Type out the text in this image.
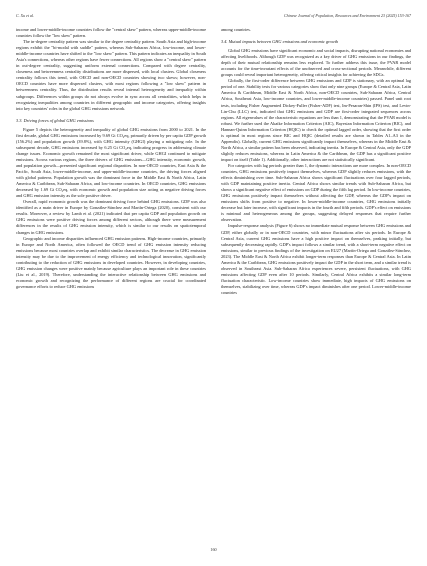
C. Xu et al.	Chinese Journal of Population, Resources and Environment 23 (2025) 153-167

income and lower-middle-income countries follow the "central skew" pattern, whereas upper-middle-income countries follow the "low skew" pattern.

The in-degree centrality pattern was similar to the degree centrality pattern. South Asia and high-income regions exhibit the "bi-modal with saddle" pattern, whereas Sub-Saharan Africa, low-income, and lower-middle-income countries have shifted to the "low skew" pattern. This pattern indicates an inequality in South Asia's connections, whereas other regions have fewer connections. All regions show a "central skew" pattern in out-degree centrality, suggesting uniform external connections. Compared with degree centrality, closeness and betweenness centrality distributions are more dispersed, with local clusters. Global closeness centrality follows this trend, with OECD and non-OECD countries showing two skews; however, non-OECD countries have more dispersed clusters, with most regions following a "low skew" pattern in betweenness centrality. Thus, the distribution results reveal internal heterogeneity and inequality within subgroups. Differences within groups do not always evolve in sync across all centralities, which helps in recognizing inequalities among countries in different geographic and income categories, offering insights into key countries' roles in the global GHG emissions network.

3.3. Driving forces of global GHG emissions

Figure 5 depicts the heterogeneity and inequality of global GHG emissions from 2000 to 2021. In the first decade, global GHG emissions increased by 9.69 Gt CO₂eq, primarily driven by per capita GDP growth (156.2%) and population growth (39.8%), with GHG intensity (GHGI) playing a mitigating role. In the subsequent decade, GHG emissions increased by 6.25 Gt CO₂eq, indicating progress in addressing climate change issues. Economic growth remained the most significant driver, while GHGI continued to mitigate emissions. Across various regions, the three drivers of GHG emissions—GHG intensity, economic growth, and population growth—presented significant regional disparities. In non-OECD countries, East Asia & the Pacific, South Asia, lower-middle-income, and upper-middle-income countries, the driving forces aligned with global patterns. Population growth was the dominant force in the Middle East & North Africa, Latin America & Caribbean, Sub-Saharan Africa, and low-income countries. In OECD countries, GHG emissions decreased by 1.69 Gt CO₂eq, with economic growth and population size acting as negative driving forces and GHG emission intensity as the sole positive driver.

Overall, rapid economic growth was the dominant driving force behind GHG emissions. GDP was also identified as a main driver in Europe by González-Sánchez and Martín-Ortega (2020), consistent with our results. Moreover, a review by Lamb et al. (2021) indicated that per capita GDP and population growth on GHG emissions were positive driving forces among different sectors, although there were measurement differences in the results of GHG emission intensity, which is similar to our results on spatiotemporal changes in GHG emissions.

Geographic and income disparities influenced GHG emission patterns. High-income countries, primarily in Europe and North America, often followed the OECD trend of GHG emission intensity reducing emissions because most countries overlap and exhibit similar characteristics. The decrease in GHG emission intensity may be due to the improvement of energy efficiency and technological innovation, significantly contributing to the reduction of GHG emissions in developed countries. However, in developing countries, GHG emission changes were positive mainly because agriculture plays an important role in these countries (Liu et al., 2019). Therefore, understanding the interactive relationship between GHG emissions and economic growth and recognizing the performance of different regions are crucial for coordinated governance efforts to reduce GHG emissions

among countries.

3.4. Mutual impacts between GHG emissions and economic growth

Global GHG emissions have significant economic and social impacts, disrupting national economies and affecting livelihoods. Although GDP was recognized as a key driver of GHG emissions in our findings, the depth of their mutual relationship remains less explored. To further address this issue, the PVAR model accounts for the time-invariant effects of the unobserved and cross-sectional periods. Meanwhile, different groups could reveal important heterogeneity, offering critical insights for achieving the SDGs.

Globally, the first-order difference between GHG emissions and GDP is stationary, with an optimal lag period of one. Stability tests for various categories show that only nine groups (Europe & Central Asia, Latin America & Caribbean, Middle East & North Africa, non-OECD countries, Sub-Saharan Africa, Central Africa, Southeast Asia, low-income countries, and lower-middle-income countries) passed. Panel unit root tests, including Fisher Augmented Dickey-Fuller (Fisher-ADF) test, Im-Pesaran-Shin (IPS) test, and Levin-Lin-Chu (LLC) test, indicated that GHG emissions and GDP are first-order integrated sequences across regions. All eigenvalues of the characteristic equations are less than 1, demonstrating that the PVAR model is robust. We further used the Akaike Information Criterion (AIC), Bayesian Information Criterion (BIC), and Hannan-Quinn Information Criterion (HQIC) to check the optimal lagged order, showing that the first order is optimal in most regions since BIC and HQIC (detailed results are shown in Tables A1–A3 in the Appendix). Globally, current GHG emissions significantly impact themselves, whereas in the Middle East & North Africa, a similar pattern has been observed, indicating inertia. In Europe & Central Asia, only the GDP slightly reduces emissions, whereas in Latin America & the Caribbean, the GDP has a significant positive impact on itself (Table 1). Additionally, other interactions are not statistically significant.

For categories with lag periods greater than 1, the dynamic interactions are more complex. In non-OECD countries, GHG emissions positively impact themselves, whereas GDP slightly reduces emissions, with the effects diminishing over time. Sub-Saharan Africa shows significant fluctuations over four lagged periods, with GDP maintaining positive inertia. Central Africa shows similar trends with Sub-Saharan Africa, but shows a significant negative effect of emissions on GDP during the fifth lag period. In low-income countries, GHG emissions positively impact themselves without affecting the GDP, whereas the GDP's impact on emissions shifts from positive to negative. In lower-middle-income countries, GHG emissions initially decrease but later increase, with significant impacts in the fourth and fifth periods. GDP's effect on emissions is minimal and heterogeneous among the groups, suggesting delayed responses that require further observation.

Impulse-response analysis (Figure 6) shows no immediate mutual response between GHG emissions and GDP, either globally or in non-OECD countries, with minor fluctuations after six periods. In Europe & Central Asia, current GHG emissions have a high positive impact on themselves, peaking initially, but subsequently decreasing rapidly. GDP's impact follows a similar trend, with a short-term negative effect on emissions, similar to previous findings of the investigation on EU27 (Martín-Ortega and González-Sánchez, 2023). The Middle East & North Africa exhibit longer-term responses than Europe & Central Asia. In Latin America & the Caribbean, GHG emissions positively impact the GDP in the short term, and a similar trend is observed in Southeast Asia. Sub-Saharan Africa experiences severe, persistent fluctuations, with GHG emissions affecting GDP even after 10 periods. Similarly, Central Africa exhibits a similar long-term fluctuation characteristic. Low-income countries show immediate, high impacts of GHG emissions on themselves, stabilizing over time, whereas GDP's impact diminishes after one period. Lower-middle-income countries

160
